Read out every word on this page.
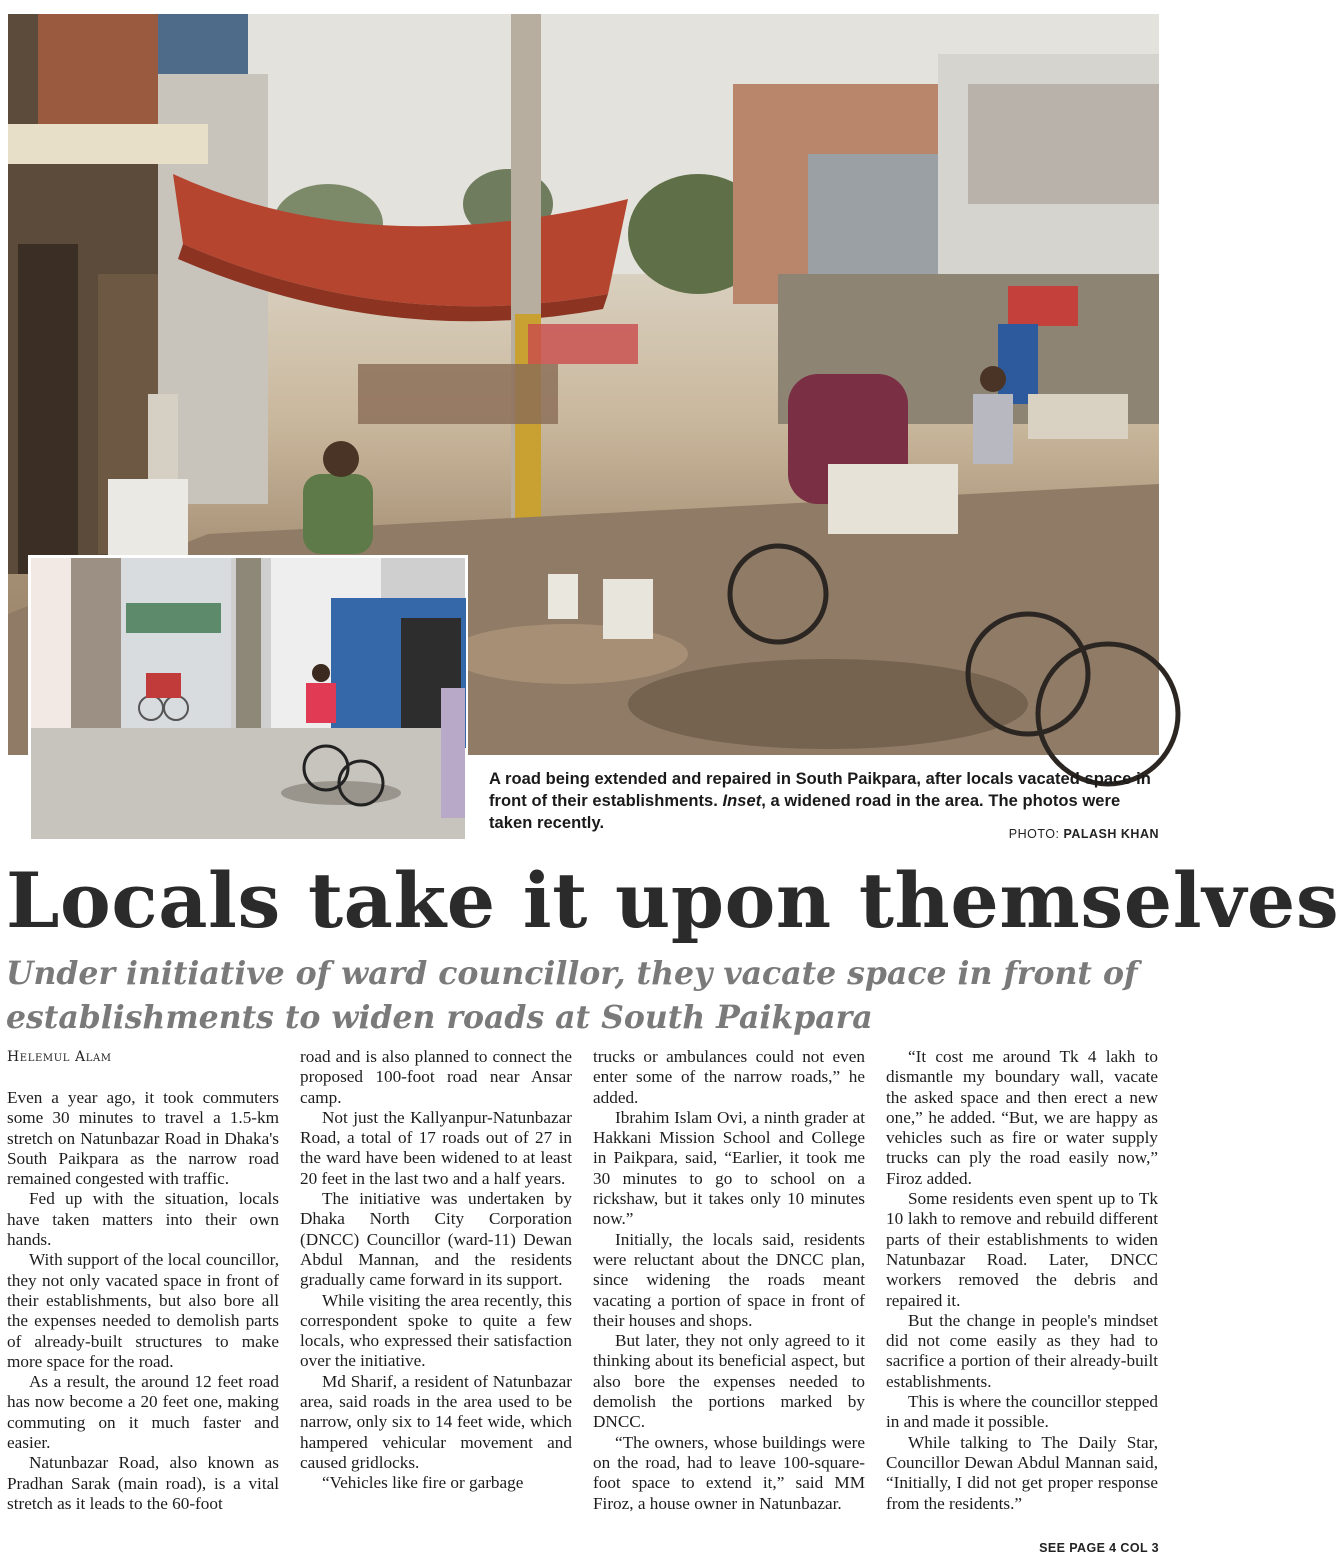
A road being extended and repaired in South Paikpara, after locals vacated space in front of their establishments. Inset, a widened road in the area. The photos were taken recently.
PHOTO: PALASH KHAN
Locals take it upon themselves
Under initiative of ward councillor, they vacate space in front of establishments to widen roads at South Paikpara
Helemul Alam

Even a year ago, it took commuters some 30 minutes to travel a 1.5-km stretch on Natunbazar Road in Dhaka's South Paikpara as the narrow road remained congested with traffic.

Fed up with the situation, locals have taken matters into their own hands.

With support of the local councillor, they not only vacated space in front of their establishments, but also bore all the expenses needed to demolish parts of already-built structures to make more space for the road.

As a result, the around 12 feet road has now become a 20 feet one, making commuting on it much faster and easier.

Natunbazar Road, also known as Pradhan Sarak (main road), is a vital stretch as it leads to the 60-foot

road and is also planned to connect the proposed 100-foot road near Ansar camp.

Not just the Kallyanpur-Natunbazar Road, a total of 17 roads out of 27 in the ward have been widened to at least 20 feet in the last two and a half years.

The initiative was undertaken by Dhaka North City Corporation (DNCC) Councillor (ward-11) Dewan Abdul Mannan, and the residents gradually came forward in its support.

While visiting the area recently, this correspondent spoke to quite a few locals, who expressed their satisfaction over the initiative.

Md Sharif, a resident of Natunbazar area, said roads in the area used to be narrow, only six to 14 feet wide, which hampered vehicular movement and caused gridlocks.

“Vehicles like fire or garbage

trucks or ambulances could not even enter some of the narrow roads,” he added.

Ibrahim Islam Ovi, a ninth grader at Hakkani Mission School and College in Paikpara, said, “Earlier, it took me 30 minutes to go to school on a rickshaw, but it takes only 10 minutes now.”

Initially, the locals said, residents were reluctant about the DNCC plan, since widening the roads meant vacating a portion of space in front of their houses and shops.

But later, they not only agreed to it thinking about its beneficial aspect, but also bore the expenses needed to demolish the portions marked by DNCC.

“The owners, whose buildings were on the road, had to leave 100-square-foot space to extend it,” said MM Firoz, a house owner in Natunbazar.

“It cost me around Tk 4 lakh to dismantle my boundary wall, vacate the asked space and then erect a new one,” he added. “But, we are happy as vehicles such as fire or water supply trucks can ply the road easily now,” Firoz added.

Some residents even spent up to Tk 10 lakh to remove and rebuild different parts of their establishments to widen Natunbazar Road. Later, DNCC workers removed the debris and repaired it.

But the change in people's mindset did not come easily as they had to sacrifice a portion of their already-built establishments.

This is where the councillor stepped in and made it possible.

While talking to The Daily Star, Councillor Dewan Abdul Mannan said, “Initially, I did not get proper response from the residents.”

SEE PAGE 4 COL 3
